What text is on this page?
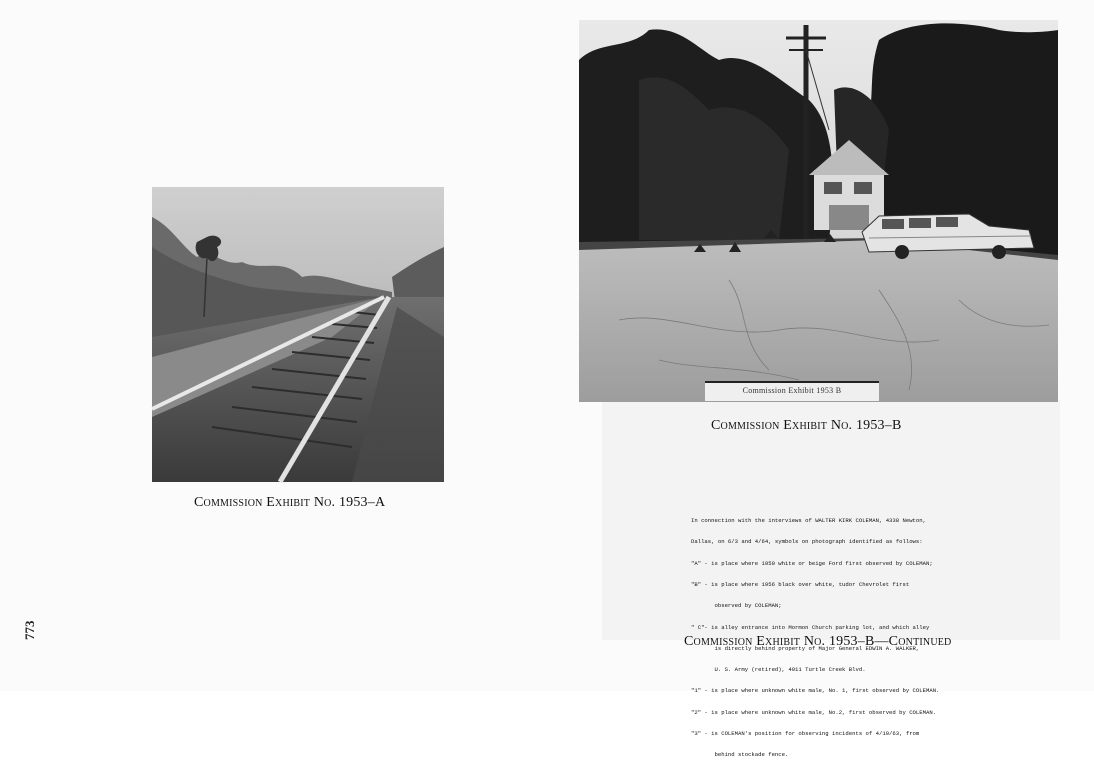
Commission Exhibit 1953 B
Commission Exhibit No. 1953–A
Commission Exhibit No. 1953–B

In connection with the interviews of WALTER KIRK COLEMAN, 4338 Newton,

Dallas, on 6/3 and 4/64, symbols on photograph identified as follows:

"A" - is place where 1950 white or beige Ford first observed by COLEMAN;

"B" - is place where 1956 black over white, tudor Chevrolet first

observed by COLEMAN;

" C"- is alley entrance into Mormon Church parking lot, and which alley

is directly behind property of Major General EDWIN A. WALKER,

U. S. Army (retired), 4011 Turtle Creek Blvd.

"1" - is place where unknown white male, No. 1, first observed by COLEMAN.

"2" - is place where unknown white male, No.2, first observed by COLEMAN.

"3" - is COLEMAN's position for observing incidents of 4/10/63, from

behind stockade fence.

Commission Exhibit No. 1953–B—Continued
773
